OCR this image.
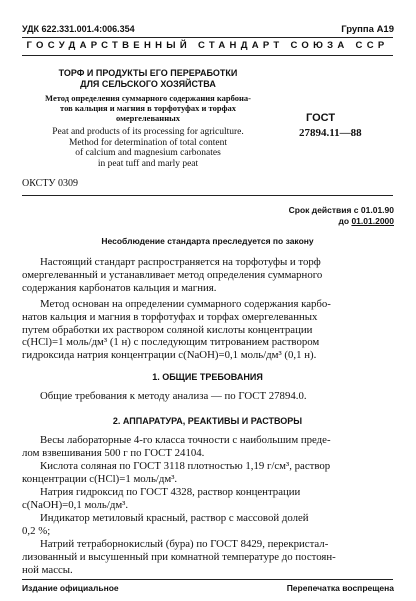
УДК 622.331.001.4:006.354	Группа А19
ГОСУДАРСТВЕННЫЙ СТАНДАРТ СОЮЗА ССР
ТОРФ И ПРОДУКТЫ ЕГО ПЕРЕРАБОТКИ
ДЛЯ СЕЛЬСКОГО ХОЗЯЙСТВА
Метод определения суммарного содержания карбона-
тов кальция и магния в торфотуфах и торфах
омергелеванных
Peat and products of its processing for agriculture.
Method for determination of total content
of calcium and magnesium carbonates
in peat tuff and marly peat
ГОСТ
27894.11—88
ОКСТУ 0309
Срок действия с 01.01.90
до 01.01.2000
Несоблюдение стандарта преследуется по закону
Настоящий стандарт распространяется на торфотуфы и торф
омергелеванный и устанавливает метод определения суммарного
содержания карбонатов кальция и магния.
Метод основан на определении суммарного содержания карбо-
натов кальция и магния в торфотуфах и торфах омергелеванных
путем обработки их раствором соляной кислоты концентрации
c(HCl)=1 моль/дм³ (1 н) с последующим титрованием раствором
гидроксида натрия концентрации c(NaOH)=0,1 моль/дм³ (0,1 н).
1. ОБЩИЕ ТРЕБОВАНИЯ
Общие требования к методу анализа — по ГОСТ 27894.0.
2. АППАРАТУРА, РЕАКТИВЫ И РАСТВОРЫ
Весы лабораторные 4-го класса точности с наибольшим преде-
лом взвешивания 500 г по ГОСТ 24104.
Кислота соляная по ГОСТ 3118 плотностью 1,19 г/см³, раствор
концентрации c(HCl)=1 моль/дм³.
Натрия гидроксид по ГОСТ 4328, раствор концентрации
c(NaOH)=0,1 моль/дм³.
Индикатор метиловый красный, раствор с массовой долей
0,2 %;
Натрий тетраборнокислый (бура) по ГОСТ 8429, перекристал-
лизованный и высушенный при комнатной температуре до постоян-
ной массы.
Издание официальное	Перепечатка воспрещена
